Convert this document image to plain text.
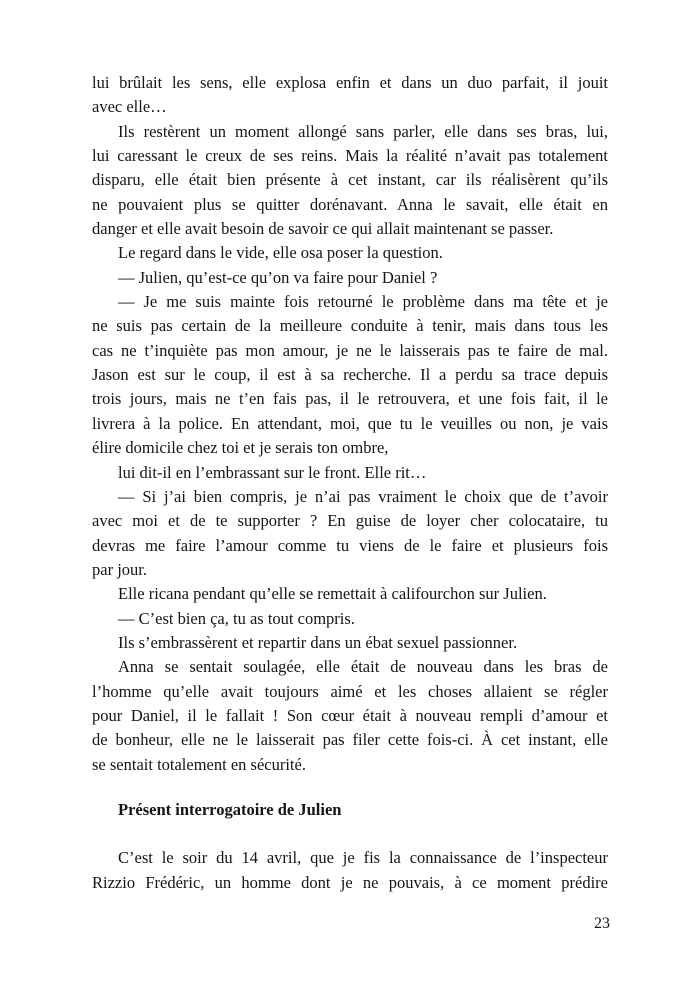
lui brûlait les sens, elle explosa enfin et dans un duo parfait, il jouit
avec elle…
Ils restèrent un moment allongé sans parler, elle dans ses bras, lui,
lui caressant le creux de ses reins. Mais la réalité n’avait pas totalement
disparu, elle était bien présente à cet instant, car ils réalisèrent qu’ils
ne pouvaient plus se quitter dorénavant. Anna le savait, elle était en
danger et elle avait besoin de savoir ce qui allait maintenant se passer.
Le regard dans le vide, elle osa poser la question.
— Julien, qu’est-ce qu’on va faire pour Daniel ?
— Je me suis mainte fois retourné le problème dans ma tête et je
ne suis pas certain de la meilleure conduite à tenir, mais dans tous les
cas ne t’inquiète pas mon amour, je ne le laisserais pas te faire de mal.
Jason est sur le coup, il est à sa recherche. Il a perdu sa trace depuis
trois jours, mais ne t’en fais pas, il le retrouvera, et une fois fait, il le
livrera à la police. En attendant, moi, que tu le veuilles ou non, je vais
élire domicile chez toi et je serais ton ombre,
lui dit-il en l’embrassant sur le front. Elle rit…
— Si j’ai bien compris, je n’ai pas vraiment le choix que de t’avoir
avec moi et de te supporter ? En guise de loyer cher colocataire, tu
devras me faire l’amour comme tu viens de le faire et plusieurs fois
par jour.
Elle ricana pendant qu’elle se remettait à califourchon sur Julien.
— C’est bien ça, tu as tout compris.
Ils s’embrassèrent et repartir dans un ébat sexuel passionner.
Anna se sentait soulagée, elle était de nouveau dans les bras de
l’homme qu’elle avait toujours aimé et les choses allaient se régler
pour Daniel, il le fallait ! Son cœur était à nouveau rempli d’amour et
de bonheur, elle ne le laisserait pas filer cette fois-ci. À cet instant, elle
se sentait totalement en sécurité.
Présent interrogatoire de Julien
C’est le soir du 14 avril, que je fis la connaissance de l’inspecteur
Rizzio Frédéric, un homme dont je ne pouvais, à ce moment prédire
23
